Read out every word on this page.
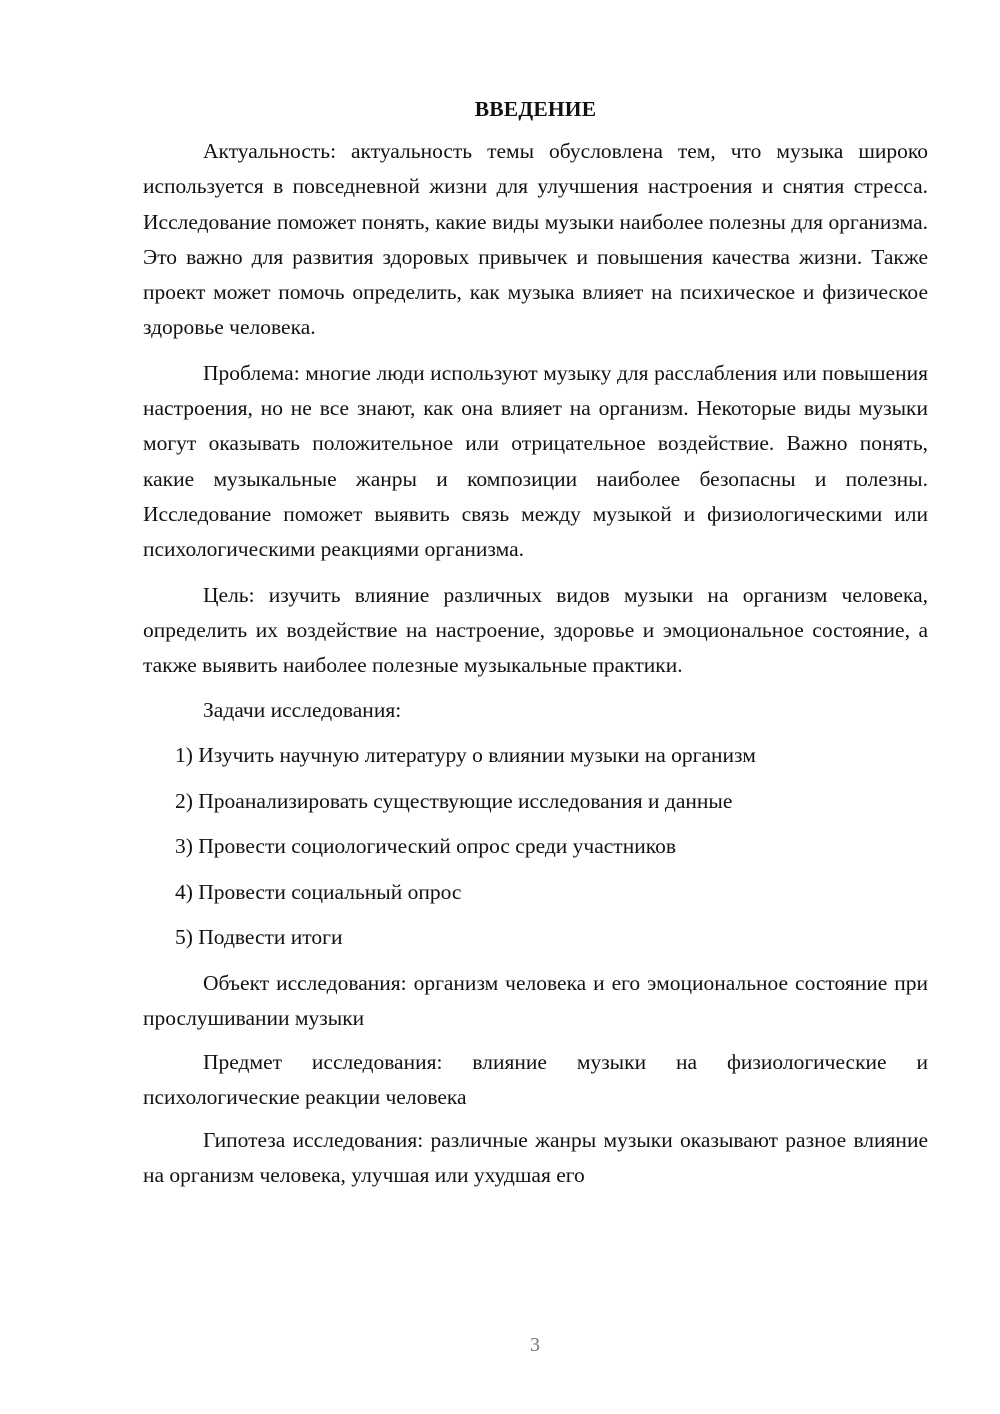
ВВЕДЕНИЕ

Актуальность: актуальность темы обусловлена тем, что музыка широко используется в повседневной жизни для улучшения настроения и снятия стресса. Исследование поможет понять, какие виды музыки наиболее полезны для организма. Это важно для развития здоровых привычек и повышения качества жизни. Также проект может помочь определить, как музыка влияет на психическое и физическое здоровье человека.

Проблема: многие люди используют музыку для расслабления или повышения настроения, но не все знают, как она влияет на организм. Некоторые виды музыки могут оказывать положительное или отрицательное воздействие. Важно понять, какие музыкальные жанры и композиции наиболее безопасны и полезны. Исследование поможет выявить связь между музыкой и физиологическими или психологическими реакциями организма.

Цель: изучить влияние различных видов музыки на организм человека, определить их воздействие на настроение, здоровье и эмоциональное состояние, а также выявить наиболее полезные музыкальные практики.

Задачи исследования:
1) Изучить научную литературу о влиянии музыки на организм
2) Проанализировать существующие исследования и данные
3) Провести социологический опрос среди участников
4) Провести социальный опрос
5) Подвести итоги

Объект исследования: организм человека и его эмоциональное состояние при прослушивании музыки

Предмет исследования: влияние музыки на физиологические и психологические реакции человека

Гипотеза исследования: различные жанры музыки оказывают разное влияние на организм человека, улучшая или ухудшая его

3
